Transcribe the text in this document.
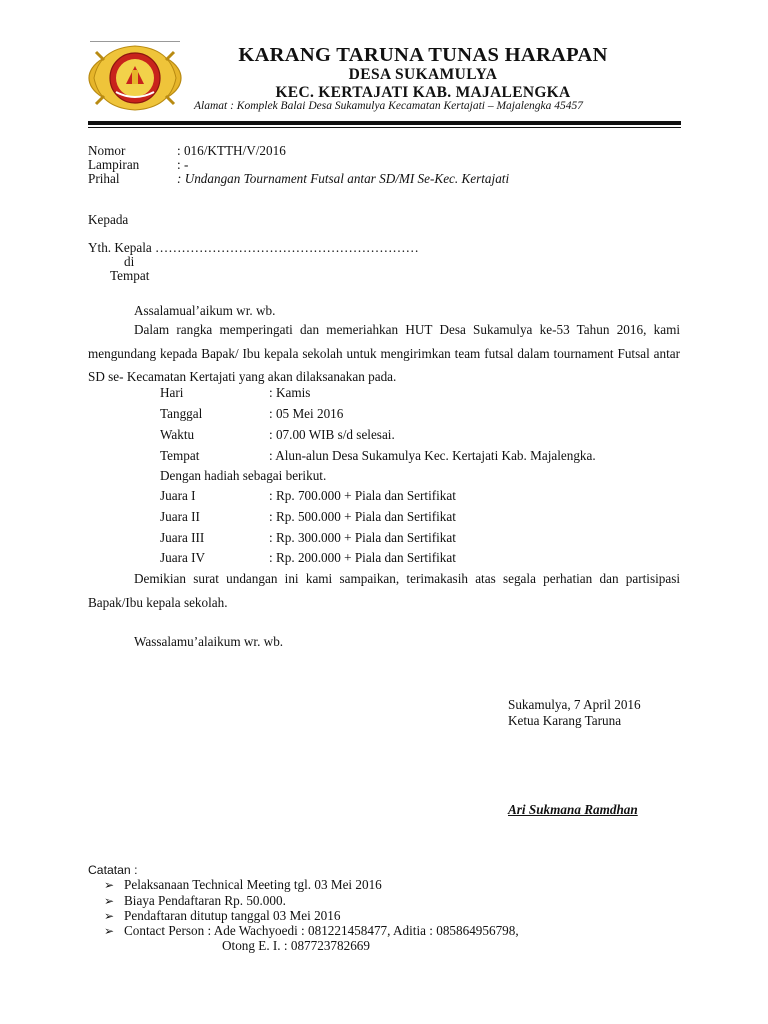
KARANG TARUNA TUNAS HARAPAN
DESA SUKAMULYA
KEC. KERTAJATI KAB. MAJALENGKA
Alamat : Komplek Balai Desa Sukamulya Kecamatan Kertajati – Majalengka 45457
Nomor	: 016/KTTH/V/2016
Lampiran	: -
Prihal	: Undangan Tournament Futsal antar SD/MI Se-Kec. Kertajati
Kepada
Yth. Kepala ……………………………………………………
di
Tempat
Assalamual’aikum wr. wb.
Dalam rangka memperingati dan memeriahkan HUT Desa Sukamulya ke-53 Tahun 2016, kami mengundang kepada Bapak/ Ibu kepala sekolah untuk mengirimkan team futsal dalam tournament Futsal antar SD se- Kecamatan Kertajati yang akan dilaksanakan pada.
Hari	: Kamis
Tanggal	: 05 Mei 2016
Waktu	: 07.00 WIB s/d selesai.
Tempat	: Alun-alun Desa Sukamulya Kec. Kertajati Kab. Majalengka.
Dengan hadiah sebagai berikut.
Juara I	: Rp. 700.000 + Piala dan Sertifikat
Juara II	: Rp. 500.000 + Piala dan Sertifikat
Juara III	: Rp. 300.000 + Piala dan Sertifikat
Juara IV	: Rp. 200.000 + Piala dan Sertifikat
Demikian surat undangan ini kami sampaikan, terimakasih atas segala perhatian dan partisipasi Bapak/Ibu kepala sekolah.
Wassalamu’alaikum wr. wb.
Sukamulya, 7 April 2016
Ketua Karang Taruna
Ari Sukmana Ramdhan
Catatan :
➢ Pelaksanaan Technical Meeting tgl. 03 Mei 2016
➢ Biaya Pendaftaran Rp. 50.000.
➢ Pendaftaran ditutup tanggal 03 Mei 2016
➢ Contact Person : Ade Wachyoedi : 081221458477, Aditia : 085864956798,
Otong E. I. : 087723782669
